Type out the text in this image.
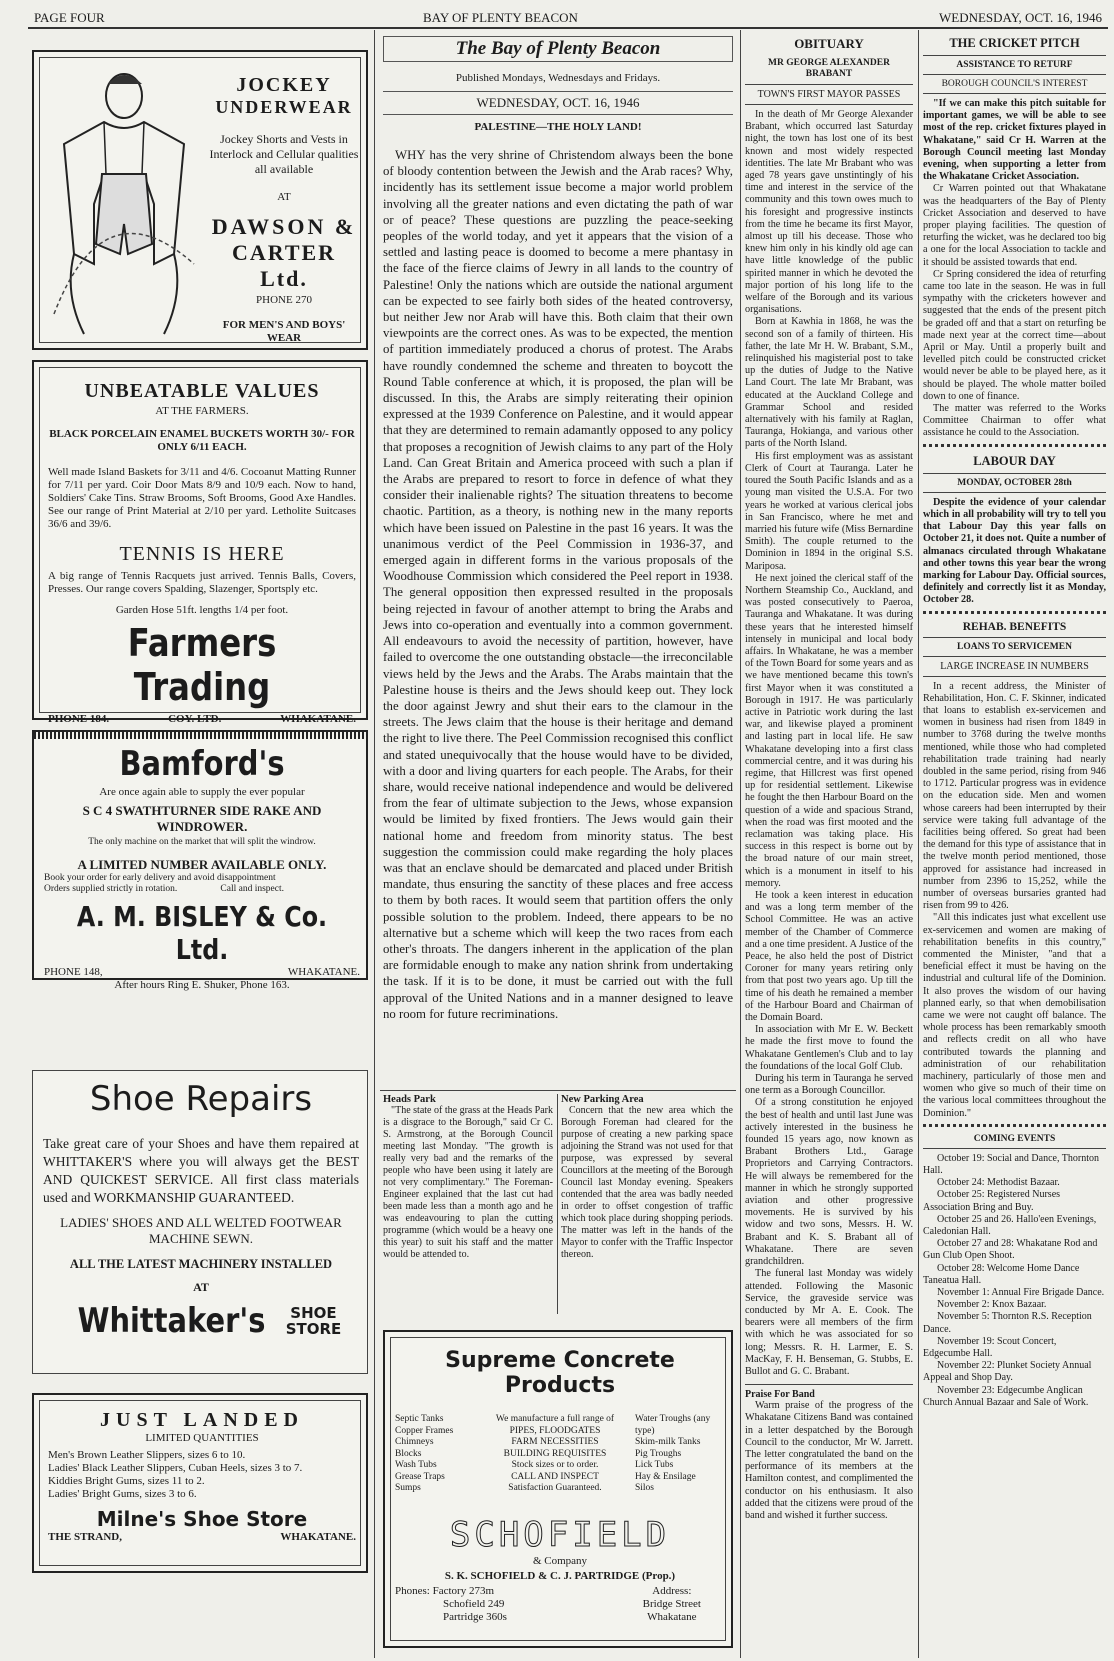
PAGE FOUR	BAY OF PLENTY BEACON	WEDNESDAY, OCT. 16, 1946
JOCKEY
UNDERWEAR
Jockey Shorts and Vests in Interlock and Cellular qualities all available
AT
DAWSON &
CARTER Ltd.
PHONE 270
FOR MEN'S AND BOYS' WEAR
UNBEATABLE VALUES
AT THE FARMERS.
BLACK PORCELAIN ENAMEL BUCKETS WORTH 30/- FOR ONLY 6/11 EACH.
Well made Island Baskets for 3/11 and 4/6. Cocoanut Matting Runner for 7/11 per yard. Coir Door Mats 8/9 and 10/9 each. Now to hand, Soldiers' Cake Tins. Straw Brooms, Soft Brooms, Good Axe Handles. See our range of Print Material at 2/10 per yard. Letholite Suitcases 36/6 and 39/6.
TENNIS IS HERE
A big range of Tennis Racquets just arrived. Tennis Balls, Covers, Presses. Our range covers Spalding, Slazenger, Sportsply etc.
Garden Hose 51ft. lengths 1/4 per foot.
Farmers Trading
PHONE 184.	COY. LTD.	WHAKATANE.
Bamford's
Are once again able to supply the ever popular
S C 4 SWATHTURNER SIDE RAKE AND WINDROWER.
The only machine on the market that will split the windrow.
A LIMITED NUMBER AVAILABLE ONLY.
Book your order for early delivery and avoid disappointment
Orders supplied strictly in rotation.	Call and inspect.
A. M. BISLEY & Co. Ltd.
PHONE 148,	WHAKATANE.
After hours Ring E. Shuker, Phone 163.
Shoe Repairs
Take great care of your Shoes and have them repaired at WHITTAKER'S where you will always get the BEST AND QUICKEST SERVICE. All first class materials used and WORKMANSHIP GUARANTEED.
LADIES' SHOES AND ALL WELTED FOOTWEAR MACHINE SEWN.
ALL THE LATEST MACHINERY INSTALLED
AT
Whittaker's	SHOE
STORE
JUST LANDED
LIMITED QUANTITIES
Men's Brown Leather Slippers, sizes 6 to 10.
Ladies' Black Leather Slippers, Cuban Heels, sizes 3 to 7.
Kiddies Bright Gums, sizes 11 to 2.
Ladies' Bright Gums, sizes 3 to 6.
Milne's Shoe Store
THE STRAND,	WHAKATANE.
The Bay of Plenty Beacon
Published Mondays, Wednesdays and Fridays.
WEDNESDAY, OCT. 16, 1946
PALESTINE—THE HOLY LAND!
WHY has the very shrine of Christendom always been the bone of bloody contention between the Jewish and the Arab races? Why, incidently has its settlement issue become a major world problem involving all the greater nations and even dictating the path of war or of peace? These questions are puzzling the peace-seeking peoples of the world today, and yet it appears that the vision of a settled and lasting peace is doomed to become a mere phantasy in the face of the fierce claims of Jewry in all lands to the country of Palestine! Only the nations which are outside the national argument can be expected to see fairly both sides of the heated controversy, but neither Jew nor Arab will have this. Both claim that their own viewpoints are the correct ones. As was to be expected, the mention of partition immediately produced a chorus of protest. The Arabs have roundly condemned the scheme and threaten to boycott the Round Table conference at which, it is proposed, the plan will be discussed. In this, the Arabs are simply reiterating their opinion expressed at the 1939 Conference on Palestine, and it would appear that they are determined to remain adamantly opposed to any policy that proposes a recognition of Jewish claims to any part of the Holy Land. Can Great Britain and America proceed with such a plan if the Arabs are prepared to resort to force in defence of what they consider their inalienable rights? The situation threatens to become chaotic. Partition, as a theory, is nothing new in the many reports which have been issued on Palestine in the past 16 years. It was the unanimous verdict of the Peel Commission in 1936-37, and emerged again in different forms in the various proposals of the Woodhouse Commission which considered the Peel report in 1938. The general opposition then expressed resulted in the proposals being rejected in favour of another attempt to bring the Arabs and Jews into co-operation and eventually into a common government. All endeavours to avoid the necessity of partition, however, have failed to overcome the one outstanding obstacle—the irreconcilable views held by the Jews and the Arabs. The Arabs maintain that the Palestine house is theirs and the Jews should keep out. They lock the door against Jewry and shut their ears to the clamour in the streets. The Jews claim that the house is their heritage and demand the right to live there. The Peel Commission recognised this conflict and stated unequivocally that the house would have to be divided, with a door and living quarters for each people. The Arabs, for their share, would receive national independence and would be delivered from the fear of ultimate subjection to the Jews, whose expansion would be limited by fixed frontiers. The Jews would gain their national home and freedom from minority status. The best suggestion the commission could make regarding the holy places was that an enclave should be demarcated and placed under British mandate, thus ensuring the sanctity of these places and free access to them by both races. It would seem that partition offers the only possible solution to the problem. Indeed, there appears to be no alternative but a scheme which will keep the two races from each other's throats. The dangers inherent in the application of the plan are formidable enough to make any nation shrink from undertaking the task. If it is to be done, it must be carried out with the full approval of the United Nations and in a manner designed to leave no room for future recriminations.
Heads Park
"The state of the grass at the Heads Park is a disgrace to the Borough," said Cr C. S. Armstrong, at the Borough Council meeting last Monday. "The growth is really very bad and the remarks of the people who have been using it lately are not very complimentary." The Foreman-Engineer explained that the last cut had been made less than a month ago and he was endeavouring to plan the cutting programme (which would be a heavy one this year) to suit his staff and the matter would be attended to.
New Parking Area
Concern that the new area which the Borough Foreman had cleared for the purpose of creating a new parking space adjoining the Strand was not used for that purpose, was expressed by several Councillors at the meeting of the Borough Council last Monday evening. Speakers contended that the area was badly needed in order to offset congestion of traffic which took place during shopping periods. The matter was left in the hands of the Mayor to confer with the Traffic Inspector thereon.
Supreme Concrete
Products
Septic Tanks
Copper Frames
Chimneys
Blocks
Wash Tubs
Grease Traps
Sumps
We manufacture a full range of
PIPES, FLOODGATES
FARM NECESSITIES
BUILDING REQUISITES
Stock sizes or to order.
CALL AND INSPECT
Satisfaction Guaranteed.
Water Troughs (any type)
Skim-milk Tanks
Pig Troughs
Lick Tubs
Hay & Ensilage
Silos
SCHOFIELD
& Company
S. K. SCHOFIELD & C. J. PARTRIDGE (Prop.)
Phones: Factory 273m
Schofield 249
Partridge 360s
Address:
Bridge Street
Whakatane
OBITUARY
MR GEORGE ALEXANDER BRABANT
TOWN'S FIRST MAYOR PASSES

In the death of Mr George Alexander Brabant, which occurred last Saturday night, the town has lost one of its best known and most widely respected identities. The late Mr Brabant who was aged 78 years gave unstintingly of his time and interest in the service of the community and this town owes much to his foresight and progressive instincts from the time he became its first Mayor, almost up till his decease. Those who knew him only in his kindly old age can have little knowledge of the public spirited manner in which he devoted the major portion of his long life to the welfare of the Borough and its various organisations.

Born at Kawhia in 1868, he was the second son of a family of thirteen. His father, the late Mr H. W. Brabant, S.M., relinquished his magisterial post to take up the duties of Judge to the Native Land Court. The late Mr Brabant, was educated at the Auckland College and Grammar School and resided alternatively with his family at Raglan, Tauranga, Hokianga, and various other parts of the North Island.

His first employment was as assistant Clerk of Court at Tauranga. Later he toured the South Pacific Islands and as a young man visited the U.S.A. For two years he worked at various clerical jobs in San Francisco, where he met and married his future wife (Miss Bernardine Smith). The couple returned to the Dominion in 1894 in the original S.S. Mariposa.

He next joined the clerical staff of the Northern Steamship Co., Auckland, and was posted consecutively to Paeroa, Tauranga and Whakatane. It was during these years that he interested himself intensely in municipal and local body affairs. In Whakatane, he was a member of the Town Board for some years and as we have mentioned became this town's first Mayor when it was constituted a Borough in 1917. He was particularly active in Patriotic work during the last war, and likewise played a prominent and lasting part in local life. He saw Whakatane developing into a first class commercial centre, and it was during his regime, that Hillcrest was first opened up for residential settlement. Likewise he fought the then Harbour Board on the question of a wide and spacious Strand, when the road was first mooted and the reclamation was taking place. His success in this respect is borne out by the broad nature of our main street, which is a monument in itself to his memory.

He took a keen interest in education and was a long term member of the School Committee. He was an active member of the Chamber of Commerce and a one time president. A Justice of the Peace, he also held the post of District Coroner for many years retiring only from that post two years ago. Up till the time of his death he remained a member of the Harbour Board and Chairman of the Domain Board.

In association with Mr E. W. Beckett he made the first move to found the Whakatane Gentlemen's Club and to lay the foundations of the local Golf Club.

During his term in Tauranga he served one term as a Borough Councillor.

Of a strong constitution he enjoyed the best of health and until last June was actively interested in the business he founded 15 years ago, now known as Brabant Brothers Ltd., Garage Proprietors and Carrying Contractors. He will always be remembered for the manner in which he strongly supported aviation and other progressive movements. He is survived by his widow and two sons, Messrs. H. W. Brabant and K. S. Brabant all of Whakatane. There are seven grandchildren.

The funeral last Monday was widely attended. Following the Masonic Service, the graveside service was conducted by Mr A. E. Cook. The bearers were all members of the firm with which he was associated for so long; Messrs. R. H. Larmer, E. S. MacKay, F. H. Benseman, G. Stubbs, E. Bullot and G. C. Brabant.

Praise For Band

Warm praise of the progress of the Whakatane Citizens Band was contained in a letter despatched by the Borough Council to the conductor, Mr W. Jarrett. The letter congratulated the band on the performance of its members at the Hamilton contest, and complimented the conductor on his enthusiasm. It also added that the citizens were proud of the band and wished it further success.

THE CRICKET PITCH
ASSISTANCE TO RETURF
BOROUGH COUNCIL'S INTEREST

"If we can make this pitch suitable for important games, we will be able to see most of the rep. cricket fixtures played in Whakatane," said Cr H. Warren at the Borough Council meeting last Monday evening, when supporting a letter from the Whakatane Cricket Association.

Cr Warren pointed out that Whakatane was the headquarters of the Bay of Plenty Cricket Association and deserved to have proper playing facilities. The question of returfing the wicket, was he declared too big a one for the local Association to tackle and it should be assisted towards that end.

Cr Spring considered the idea of returfing came too late in the season. He was in full sympathy with the cricketers however and suggested that the ends of the present pitch be graded off and that a start on returfing be made next year at the correct time—about April or May. Until a properly built and levelled pitch could be constructed cricket would never be able to be played here, as it should be played. The whole matter boiled down to one of finance.

The matter was referred to the Works Committee Chairman to offer what assistance he could to the Association.

LABOUR DAY
MONDAY, OCTOBER 28th

Despite the evidence of your calendar which in all probability will try to tell you that Labour Day this year falls on October 21, it does not. Quite a number of almanacs circulated through Whakatane and other towns this year bear the wrong marking for Labour Day. Official sources, definitely and correctly list it as Monday, October 28.

REHAB. BENEFITS
LOANS TO SERVICEMEN
LARGE INCREASE IN NUMBERS

In a recent address, the Minister of Rehabilitation, Hon. C. F. Skinner, indicated that loans to establish ex-servicemen and women in business had risen from 1849 in number to 3768 during the twelve months mentioned, while those who had completed rehabilitation trade training had nearly doubled in the same period, rising from 946 to 1712. Particular progress was in evidence on the education side. Men and women whose careers had been interrupted by their service were taking full advantage of the facilities being offered. So great had been the demand for this type of assistance that in the twelve month period mentioned, those approved for assistance had increased in number from 2396 to 15,252, while the number of overseas bursaries granted had risen from 99 to 426.

"All this indicates just what excellent use ex-servicemen and women are making of rehabilitation benefits in this country," commented the Minister, "and that a beneficial effect it must be having on the industrial and cultural life of the Dominion. It also proves the wisdom of our having planned early, so that when demobilisation came we were not caught off balance. The whole process has been remarkably smooth and reflects credit on all who have contributed towards the planning and administration of our rehabilitation machinery, particularly of those men and women who give so much of their time on the various local committees throughout the Dominion."

COMING EVENTS

October 19: Social and Dance, Thornton Hall.

October 24: Methodist Bazaar.

October 25: Registered Nurses Association Bring and Buy.

October 25 and 26. Hallo'een Evenings, Caledonian Hall.

October 27 and 28: Whakatane Rod and Gun Club Open Shoot.

October 28: Welcome Home Dance Taneatua Hall.

November 1: Annual Fire Brigade Dance.

November 2: Knox Bazaar.

November 5: Thornton R.S. Reception Dance.

November 19: Scout Concert, Edgecumbe Hall.

November 22: Plunket Society Annual Appeal and Shop Day.

November 23: Edgecumbe Anglican Church Annual Bazaar and Sale of Work.
